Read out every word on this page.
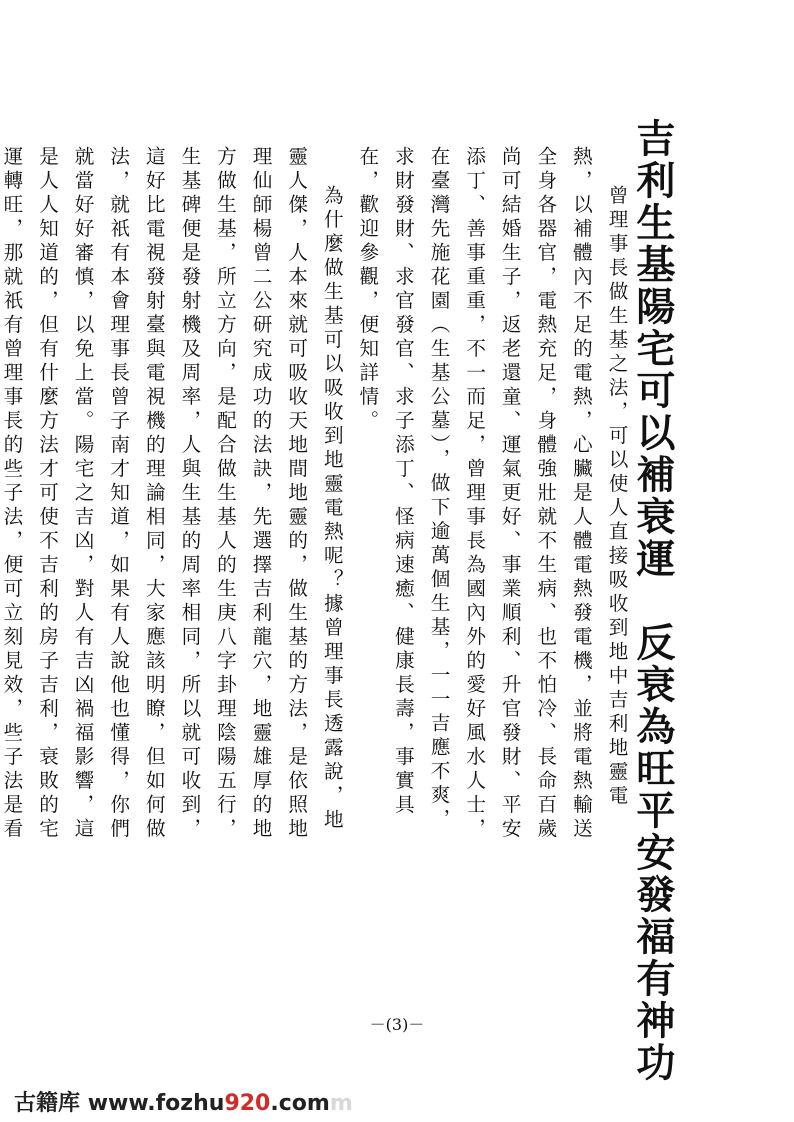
吉利生基陽宅可以補衰運　反衰為旺平安發福有神功

曾理事長做生基之法，可以使人直接吸收到地中吉利地靈電熱，以補體內不足的電熱，心臟是人體電熱發電機，並將電熱輸送全身各器官，電熱充足，身體強壯就不生病、也不怕冷、長命百歲尚可結婚生子，返老還童、運氣更好、事業順利、升官發財、平安添丁、善事重重，不一而足，曾理事長為國內外的愛好風水人士，在臺灣先施花園（生基公墓），做下逾萬個生基，一一吉應不爽，求財發財、求官發官、求子添丁、怪病速癒、健康長壽，事實具在，歡迎參觀，便知詳情。

為什麼做生基可以吸收到地靈電熱呢？據曾理事長透露說，地靈人傑，人本來就可吸收天地間地靈的，做生基的方法，是依照地理仙師楊曾二公研究成功的法訣，先選擇吉利龍穴，地靈雄厚的地方做生基，所立方向，是配合做生基人的生庚八字卦理陰陽五行，生基碑便是發射機及周率，人與生基的周率相同，所以就可收到，這好比電視發射臺與電視機的理論相同，大家應該明瞭，但如何做法，就祇有本會理事長曾子南才知道，如果有人說他也懂得，你們就當好好審慎，以免上當。陽宅之吉凶，對人有吉凶禍福影響，這是人人知道的，但有什麼方法才可使不吉利的房子吉利，衰敗的宅運轉旺，那就祇有曾理事長的些子法，便可立刻見效，些子法是看

－(3)－
古籍库 www.fozhu920.comm
